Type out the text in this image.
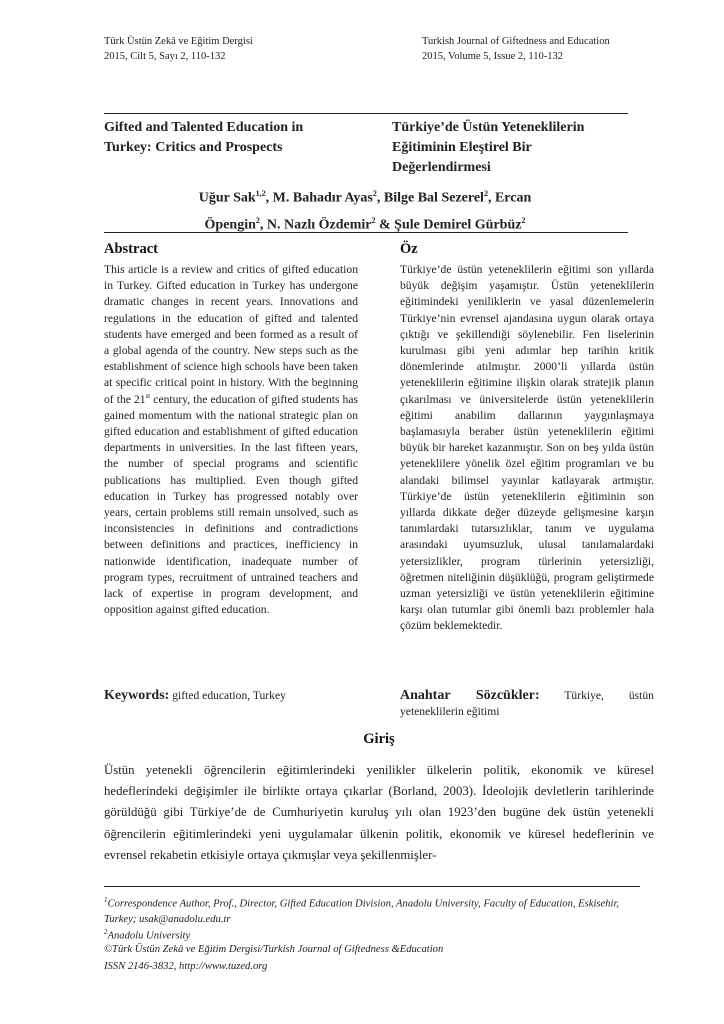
Türk Üstün Zekâ ve Eğitim Dergisi
2015, Cilt 5, Sayı 2, 110-132
Turkish Journal of Giftedness and Education
2015, Volume 5, Issue 2, 110-132
Gifted and Talented Education in Turkey: Critics and Prospects
Türkiye’de Üstün Yeteneklilerin Eğitiminin Eleştirel Bir Değerlendirmesi
Uğur Sak$^{1,2}$, M. Bahadır Ayas$^2$, Bilge Bal Sezerel$^2$, Ercan Öpengin$^2$, N. Nazlı Özdemir$^2$ & Şule Demirel Gürbüz$^2$
Abstract
This article is a review and critics of gifted education in Turkey. Gifted education in Turkey has undergone dramatic changes in recent years. Innovations and regulations in the education of gifted and talented students have emerged and been formed as a result of a global agenda of the country. New steps such as the establishment of science high schools have been taken at specific critical point in history. With the beginning of the 21st century, the education of gifted students has gained momentum with the national strategic plan on gifted education and establishment of gifted education departments in universities. In the last fifteen years, the number of special programs and scientific publications has multiplied. Even though gifted education in Turkey has progressed notably over years, certain problems still remain unsolved, such as inconsistencies in definitions and contradictions between definitions and practices, inefficiency in nationwide identification, inadequate number of program types, recruitment of untrained teachers and lack of expertise in program development, and opposition against gifted education.
Keywords: gifted education, Turkey
Öz
Türkiye’de üstün yeteneklilerin eğitimi son yıllarda büyük değişim yaşamıştır. Üstün yeteneklilerin eğitimindeki yeniliklerin ve yasal düzenlemelerin Türkiye’nin evrensel ajandasına uygun olarak ortaya çıktığı ve şekillendiği söylenebilir. Fen liselerinin kurulması gibi yeni adımlar hep tarihin kritik dönemlerinde atılmıştır. 2000’li yıllarda üstün yeteneklilerin eğitimine ilişkin olarak stratejik planın çıkarılması ve üniversitelerde üstün yeteneklilerin eğitimi anabilim dallarının yaygınlaşmaya başlamasıyla beraber üstün yeteneklilerin eğitimi büyük bir hareket kazanmıştır. Son on beş yılda üstün yeteneklilere yönelik özel eğitim programları ve bu alandaki bilimsel yayınlar katlayarak artmıştır. Türkiye’de üstün yeteneklilerin eğitiminin son yıllarda dikkate değer düzeyde gelişmesine karşın tanımlardaki tutarsızlıklar, tanım ve uygulama arasındaki uyumsuzluk, ulusal tanılamalardaki yetersizlikler, program türlerinin yetersizliği, öğretmen niteliğinin düşüklüğü, program geliştirmede uzman yetersizliği ve üstün yeteneklilerin eğitimine karşı olan tutumlar gibi önemli bazı problemler hala çözüm beklemektedir.
Anahtar Sözcükler: Türkiye, üstün yeteneklilerin eğitimi
Giriş
Üstün yetenekli öğrencilerin eğitimlerindeki yenilikler ülkelerin politik, ekonomik ve küresel hedeflerindeki değişimler ile birlikte ortaya çıkarlar (Borland, 2003). İdeolojik devletlerin tarihlerinde görüldüğü gibi Türkiye’de de Cumhuriyetin kuruluş yılı olan 1923’den bugüne dek üstün yetenekli öğrencilerin eğitimlerindeki yeni uygulamalar ülkenin politik, ekonomik ve küresel hedeflerinin ve evrensel rekabetin etkisiyle ortaya çıkmışlar veya şekillenmişler-
$^1$Correspondence Author, Prof., Director, Gifted Education Division, Anadolu University, Faculty of Education, Eskisehir, Turkey; usak@anadolu.edu.tr
$^2$Anadolu University
©Türk Üstün Zekâ ve Eğitim Dergisi/Turkish Journal of Giftedness &Education
ISSN 2146-3832, http://www.tuzed.org
